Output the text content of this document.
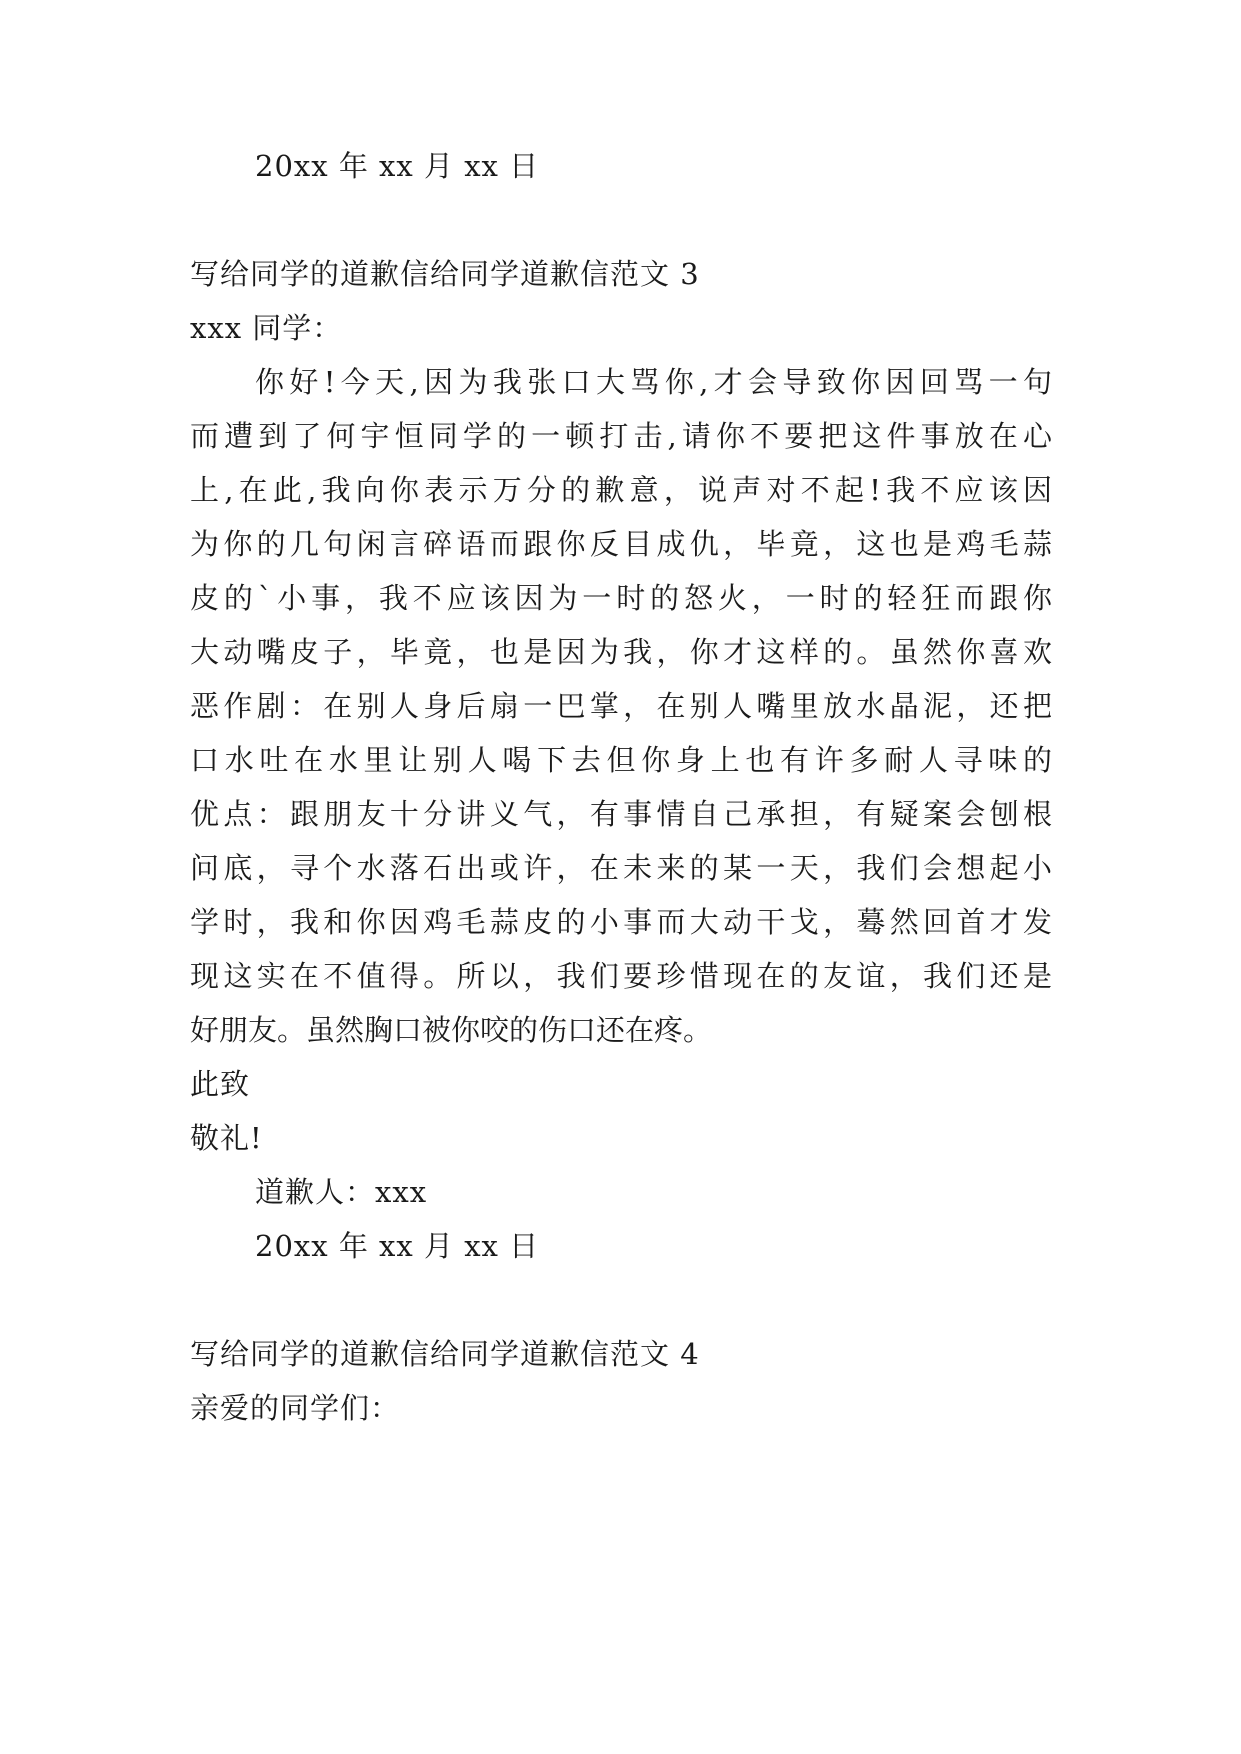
20xx 年 xx 月 xx 日
写给同学的道歉信给同学道歉信范文 3
xxx 同学：
你好!今天,因为我张口大骂你,才会导致你因回骂一句
而遭到了何宇恒同学的一顿打击,请你不要把这件事放在心
上,在此,我向你表示万分的歉意，说声对不起!我不应该因
为你的几句闲言碎语而跟你反目成仇，毕竟，这也是鸡毛蒜
皮的`小事，我不应该因为一时的怒火，一时的轻狂而跟你
大动嘴皮子，毕竟，也是因为我，你才这样的。虽然你喜欢
恶作剧：在别人身后扇一巴掌，在别人嘴里放水晶泥，还把
口水吐在水里让别人喝下去但你身上也有许多耐人寻味的
优点：跟朋友十分讲义气，有事情自己承担，有疑案会刨根
问底，寻个水落石出或许，在未来的某一天，我们会想起小
学时，我和你因鸡毛蒜皮的小事而大动干戈，蓦然回首才发
现这实在不值得。所以，我们要珍惜现在的友谊，我们还是
好朋友。虽然胸口被你咬的伤口还在疼。
此致
敬礼!
道歉人：xxx
20xx 年 xx 月 xx 日
写给同学的道歉信给同学道歉信范文 4
亲爱的同学们：
